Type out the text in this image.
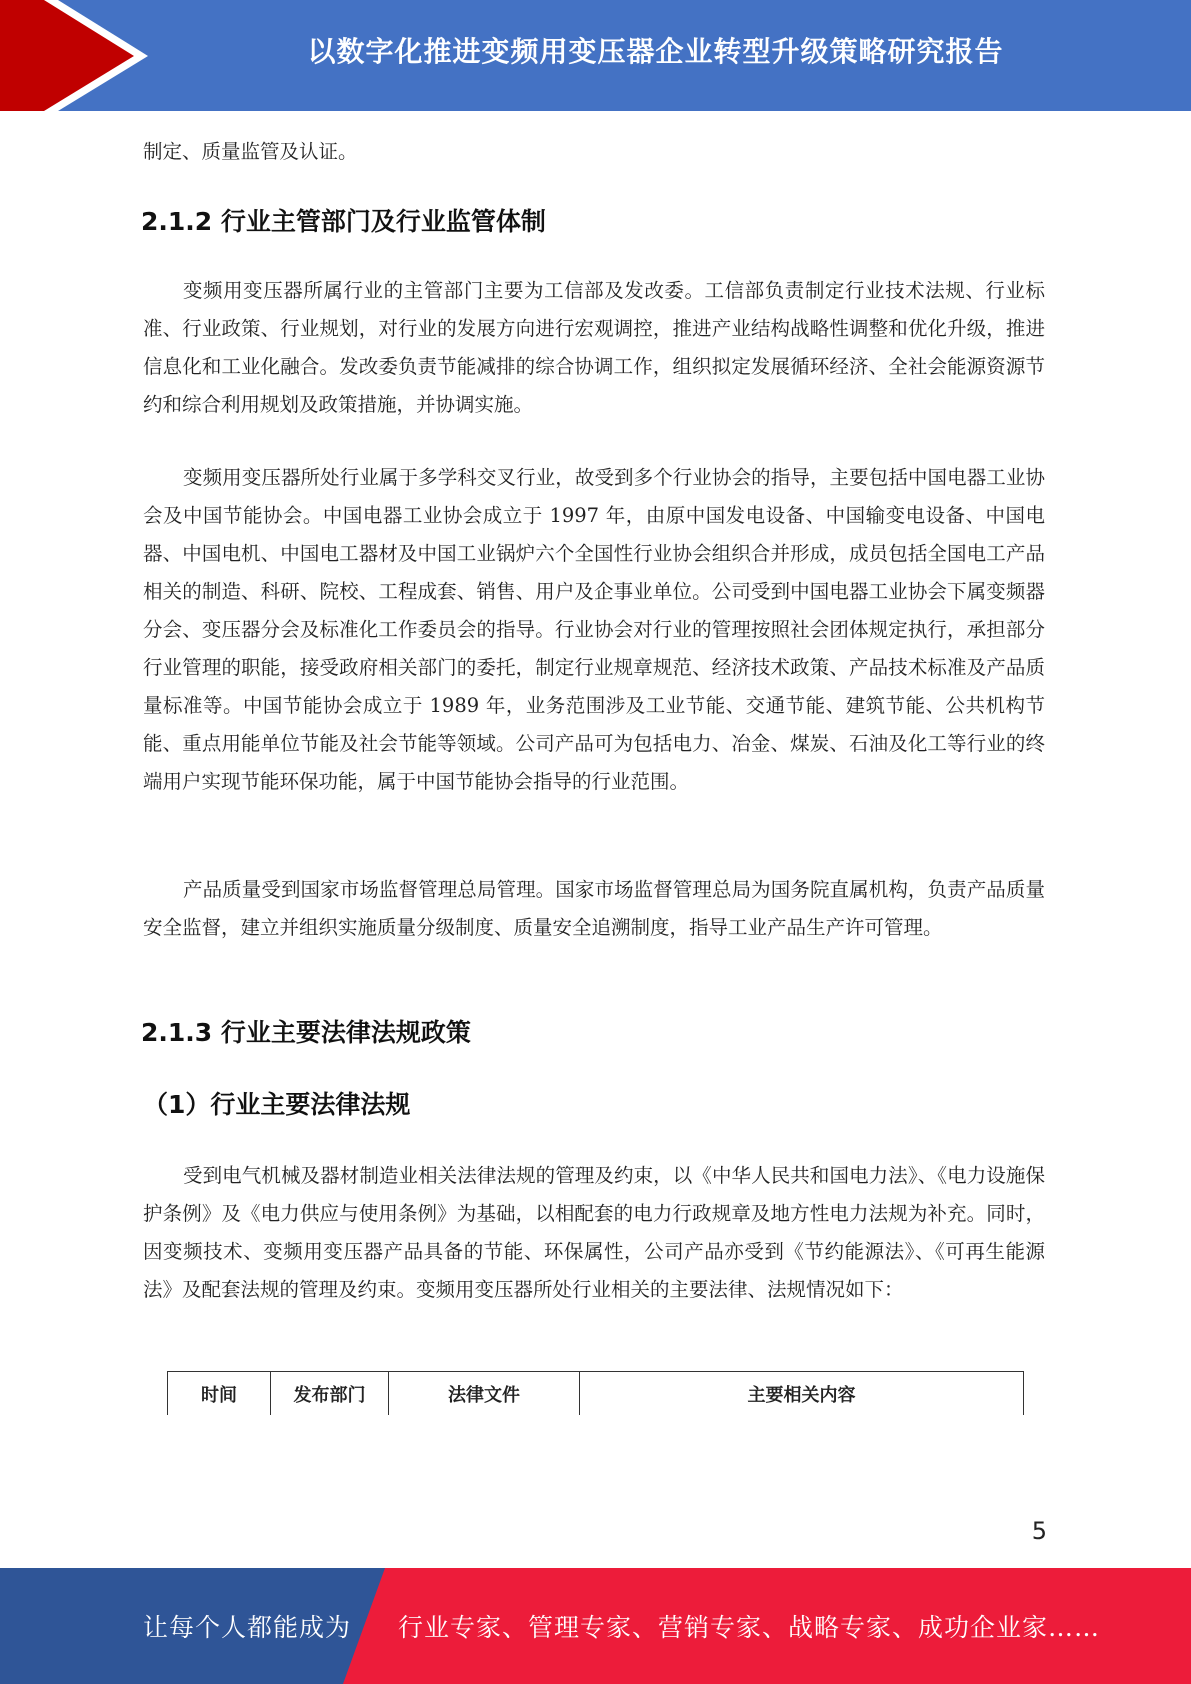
以数字化推进变频用变压器企业转型升级策略研究报告

制定、质量监管及认证。

2.1.2 行业主管部门及行业监管体制

变频用变压器所属行业的主管部门主要为工信部及发改委。工信部负责制定行业技术法规、行业标准、行业政策、行业规划，对行业的发展方向进行宏观调控，推进产业结构战略性调整和优化升级，推进信息化和工业化融合。发改委负责节能减排的综合协调工作，组织拟定发展循环经济、全社会能源资源节约和综合利用规划及政策措施，并协调实施。

变频用变压器所处行业属于多学科交叉行业，故受到多个行业协会的指导，主要包括中国电器工业协会及中国节能协会。中国电器工业协会成立于 1997 年，由原中国发电设备、中国输变电设备、中国电器、中国电机、中国电工器材及中国工业锅炉六个全国性行业协会组织合并形成，成员包括全国电工产品相关的制造、科研、院校、工程成套、销售、用户及企事业单位。公司受到中国电器工业协会下属变频器分会、变压器分会及标准化工作委员会的指导。行业协会对行业的管理按照社会团体规定执行，承担部分行业管理的职能，接受政府相关部门的委托，制定行业规章规范、经济技术政策、产品技术标准及产品质量标准等。中国节能协会成立于 1989 年，业务范围涉及工业节能、交通节能、建筑节能、公共机构节能、重点用能单位节能及社会节能等领域。公司产品可为包括电力、冶金、煤炭、石油及化工等行业的终端用户实现节能环保功能，属于中国节能协会指导的行业范围。

产品质量受到国家市场监督管理总局管理。国家市场监督管理总局为国务院直属机构，负责产品质量安全监督，建立并组织实施质量分级制度、质量安全追溯制度，指导工业产品生产许可管理。

2.1.3 行业主要法律法规政策
（1）行业主要法律法规

受到电气机械及器材制造业相关法律法规的管理及约束，以《中华人民共和国电力法》、《电力设施保护条例》及《电力供应与使用条例》为基础，以相配套的电力行政规章及地方性电力法规为补充。同时，因变频技术、变频用变压器产品具备的节能、环保属性，公司产品亦受到《节约能源法》、《可再生能源法》及配套法规的管理及约束。变频用变压器所处行业相关的主要法律、法规情况如下：

时间	发布部门	法律文件	主要相关内容
5
让每个人都能成为 行业专家、管理专家、营销专家、战略专家、成功企业家……
